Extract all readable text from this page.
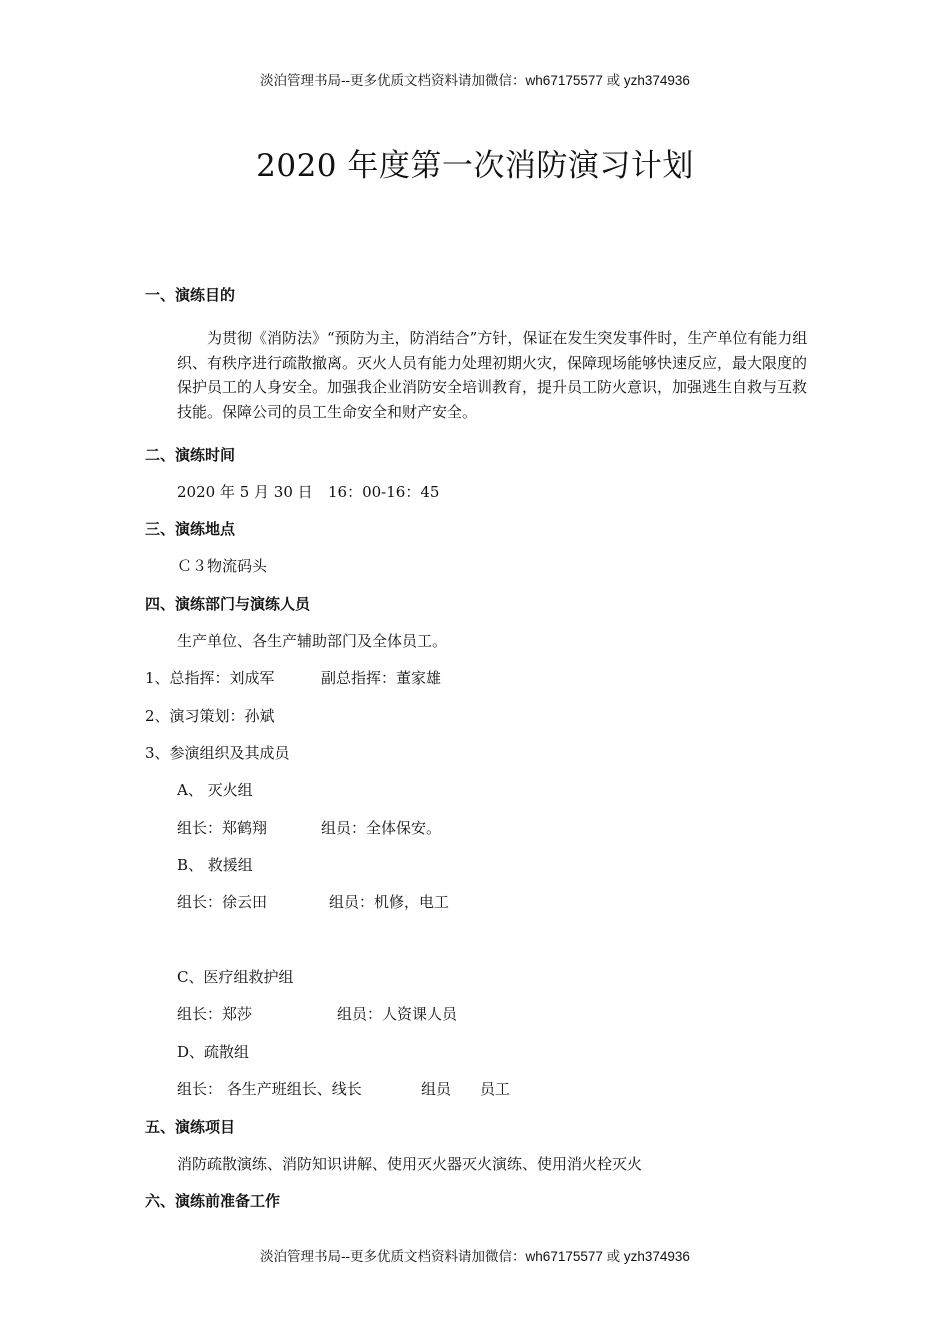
淡泊管理书局--更多优质文档资料请加微信：wh67175577 或 yzh374936
2020 年度第一次消防演习计划
一、演练目的
为贯彻《消防法》“预防为主，防消结合”方针，保证在发生突发事件时，生产单位有能力组织、有秩序进行疏散撤离。灭火人员有能力处理初期火灾，保障现场能够快速反应，最大限度的保护员工的人身安全。加强我企业消防安全培训教育，提升员工防火意识，加强逃生自救与互救技能。保障公司的员工生命安全和财产安全。
二、演练时间
2020 年 5 月 30 日 16：00-16：45
三、演练地点
Ｃ３物流码头
四、演练部门与演练人员
生产单位、各生产辅助部门及全体员工。
1、总指挥：刘成军	副总指挥：董家雄
2、演习策划：孙斌
3、参演组织及其成员
A、 灭火组
组长：郑鹤翔	组员：全体保安。
B、 救援组
组长：徐云田	组员：机修，电工
C、医疗组救护组
组长：郑莎	组员：人资课人员
D、疏散组
组长： 各生产班组长、线长	组员 员工
五、演练项目
消防疏散演练、消防知识讲解、使用灭火器灭火演练、使用消火栓灭火
六、演练前准备工作
淡泊管理书局--更多优质文档资料请加微信：wh67175577 或 yzh374936
